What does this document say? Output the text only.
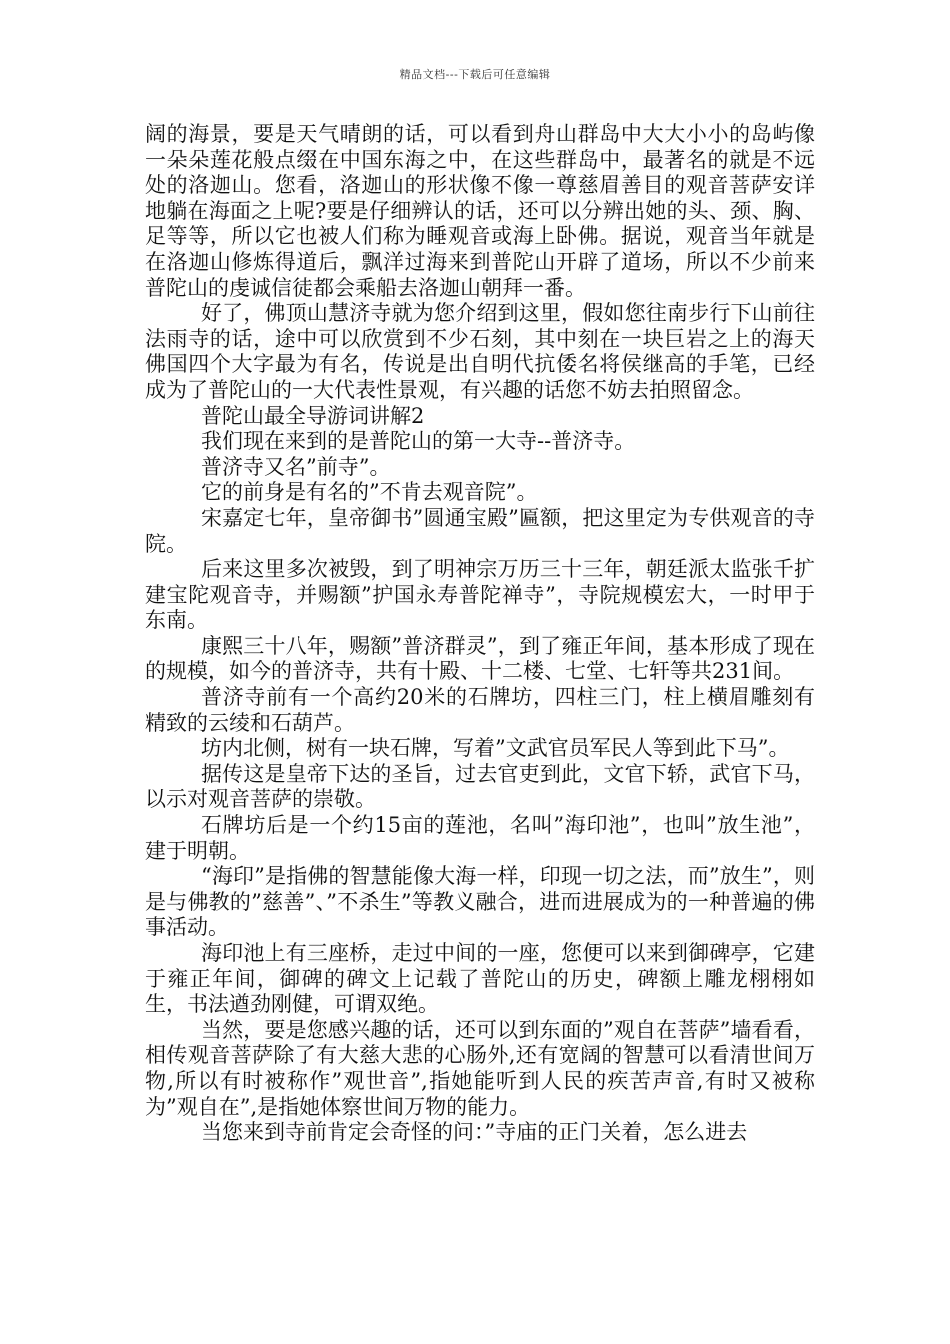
精品文档---下载后可任意编辑

阔的海景，要是天气晴朗的话，可以看到舟山群岛中大大小小的岛屿像一朵朵莲花般点缀在中国东海之中，在这些群岛中，最著名的就是不远处的洛迦山。您看，洛迦山的形状像不像一尊慈眉善目的观音菩萨安详地躺在海面之上呢?要是仔细辨认的话，还可以分辨出她的头、颈、胸、足等等，所以它也被人们称为睡观音或海上卧佛。据说，观音当年就是在洛迦山修炼得道后，飘洋过海来到普陀山开辟了道场，所以不少前来普陀山的虔诚信徒都会乘船去洛迦山朝拜一番。

好了，佛顶山慧济寺就为您介绍到这里，假如您往南步行下山前往法雨寺的话，途中可以欣赏到不少石刻，其中刻在一块巨岩之上的海天佛国四个大字最为有名，传说是出自明代抗倭名将侯继高的手笔，已经成为了普陀山的一大代表性景观，有兴趣的话您不妨去拍照留念。

普陀山最全导游词讲解2

我们现在来到的是普陀山的第一大寺--普济寺。

普济寺又名”前寺”。

它的前身是有名的”不肯去观音院”。

宋嘉定七年，皇帝御书”圆通宝殿”匾额，把这里定为专供观音的寺院。

后来这里多次被毁，到了明神宗万历三十三年，朝廷派太监张千扩建宝陀观音寺，并赐额”护国永寿普陀禅寺”，寺院规模宏大，一时甲于东南。

康熙三十八年，赐额”普济群灵”，到了雍正年间，基本形成了现在的规模，如今的普济寺，共有十殿、十二楼、七堂、七轩等共231间。

普济寺前有一个高约20米的石牌坊，四柱三门，柱上横眉雕刻有精致的云绫和石葫芦。

坊内北侧，树有一块石牌，写着”文武官员军民人等到此下马”。

据传这是皇帝下达的圣旨，过去官吏到此，文官下轿，武官下马，以示对观音菩萨的崇敬。

石牌坊后是一个约15亩的莲池，名叫”海印池”，也叫”放生池”，建于明朝。

“海印”是指佛的智慧能像大海一样，印现一切之法，而”放生”，则是与佛教的”慈善”、”不杀生”等教义融合，进而进展成为的一种普遍的佛事活动。

海印池上有三座桥，走过中间的一座，您便可以来到御碑亭，它建于雍正年间，御碑的碑文上记载了普陀山的历史，碑额上雕龙栩栩如生，书法遒劲刚健，可谓双绝。

当然，要是您感兴趣的话，还可以到东面的”观自在菩萨”墙看看，相传观音菩萨除了有大慈大悲的心肠外,还有宽阔的智慧可以看清世间万物,所以有时被称作”观世音”,指她能听到人民的疾苦声音,有时又被称为”观自在”,是指她体察世间万物的能力。

当您来到寺前肯定会奇怪的问：”寺庙的正门关着，怎么进去
